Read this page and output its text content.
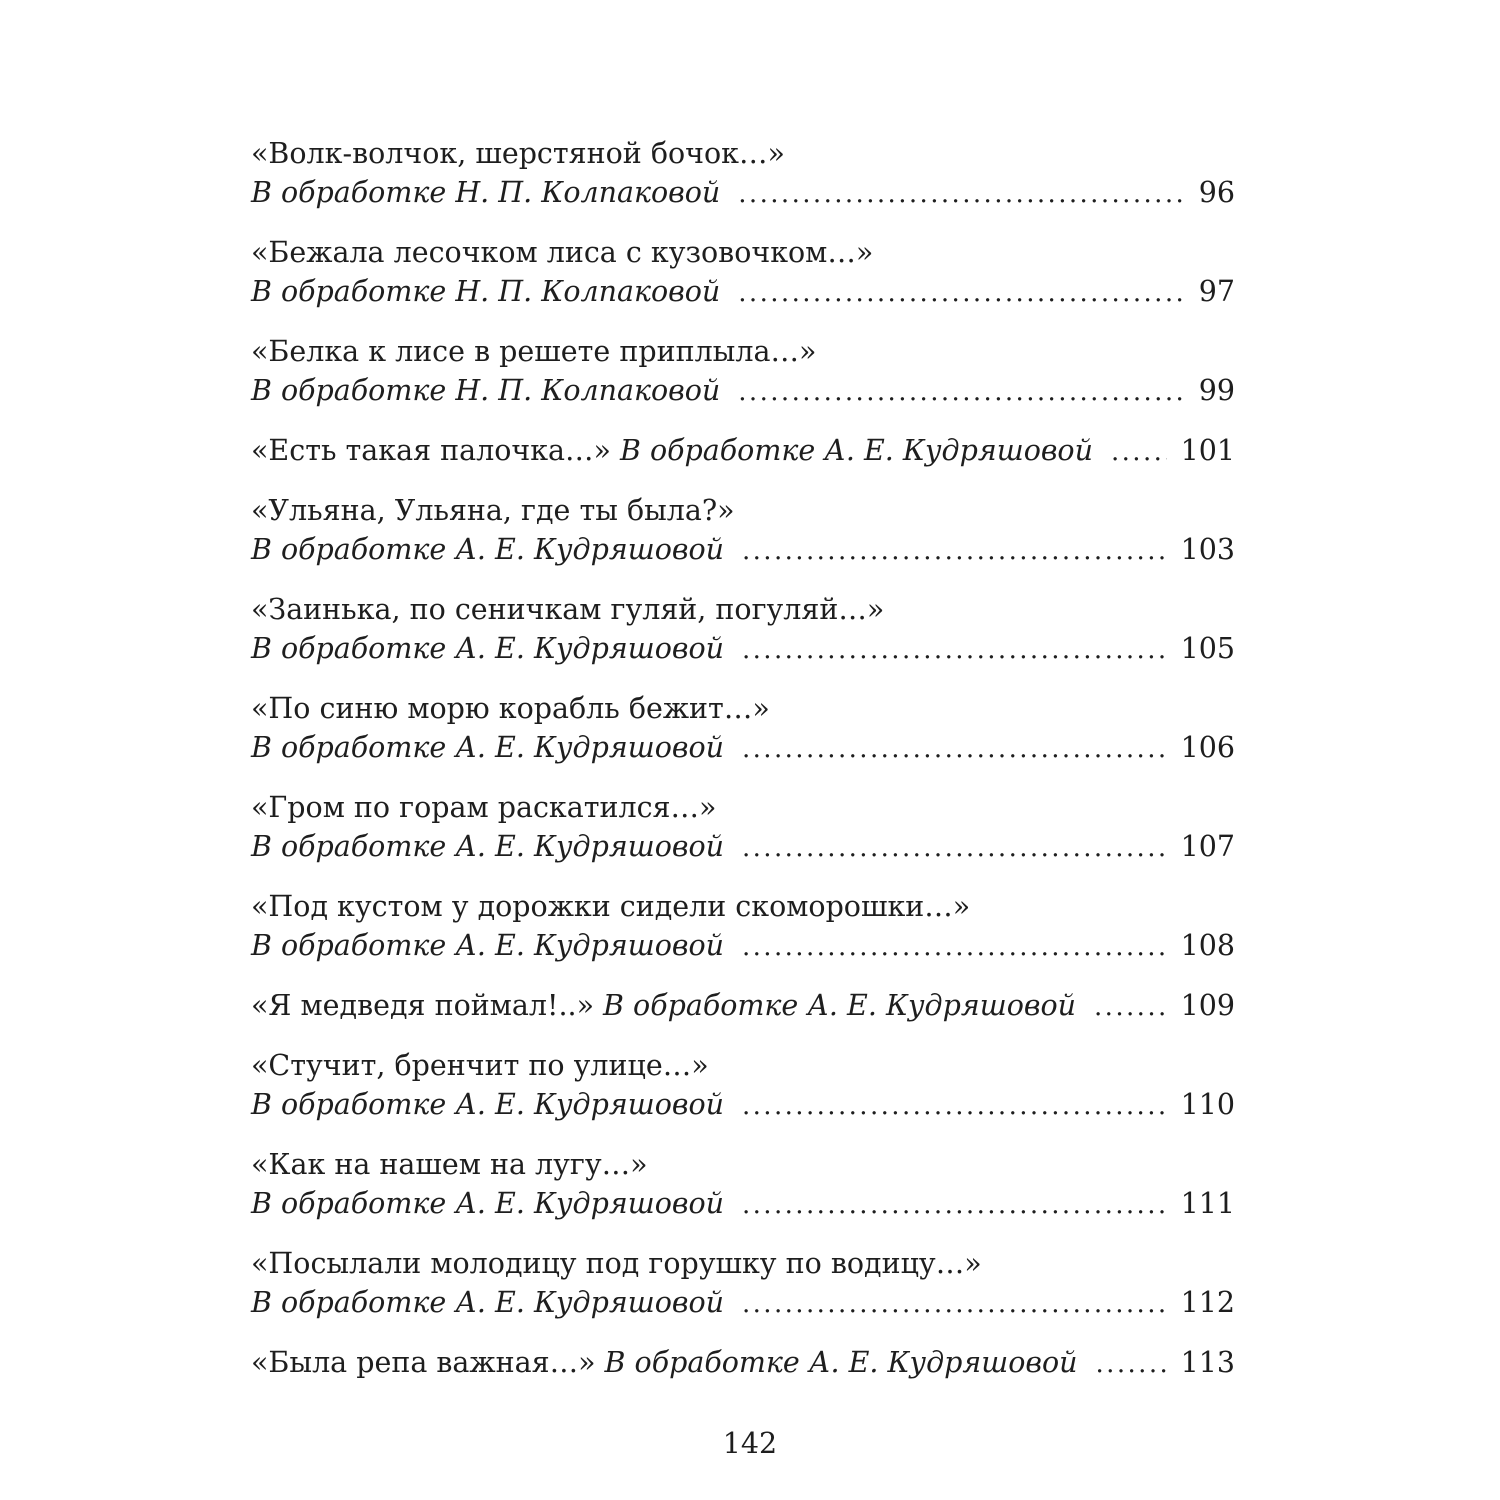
«Волк-волчок, шерстяной бочок…»
В обработке Н. П. Колпаковой .....	96
«Бежала лесочком лиса с кузовочком…»
В обработке Н. П. Колпаковой .....	97
«Белка к лисе в решете приплыла…»
В обработке Н. П. Колпаковой .....	99
«Есть такая палочка…» В обработке А. Е. Кудряшовой .....	101
«Ульяна, Ульяна, где ты была?»
В обработке А. Е. Кудряшовой .....	103
«Заинька, по сеничкам гуляй, погуляй…»
В обработке А. Е. Кудряшовой .....	105
«По синю морю корабль бежит…»
В обработке А. Е. Кудряшовой .....	106
«Гром по горам раскатился…»
В обработке А. Е. Кудряшовой .....	107
«Под кустом у дорожки сидели скоморошки…»
В обработке А. Е. Кудряшовой .....	108
«Я медведя поймал!..» В обработке А. Е. Кудряшовой .....	109
«Стучит, бренчит по улице…»
В обработке А. Е. Кудряшовой .....	110
«Как на нашем на лугу…»
В обработке А. Е. Кудряшовой .....	111
«Посылали молодицу под горушку по водицу…»
В обработке А. Е. Кудряшовой .....	112
«Была репа важная…» В обработке А. Е. Кудряшовой .....	113
142
